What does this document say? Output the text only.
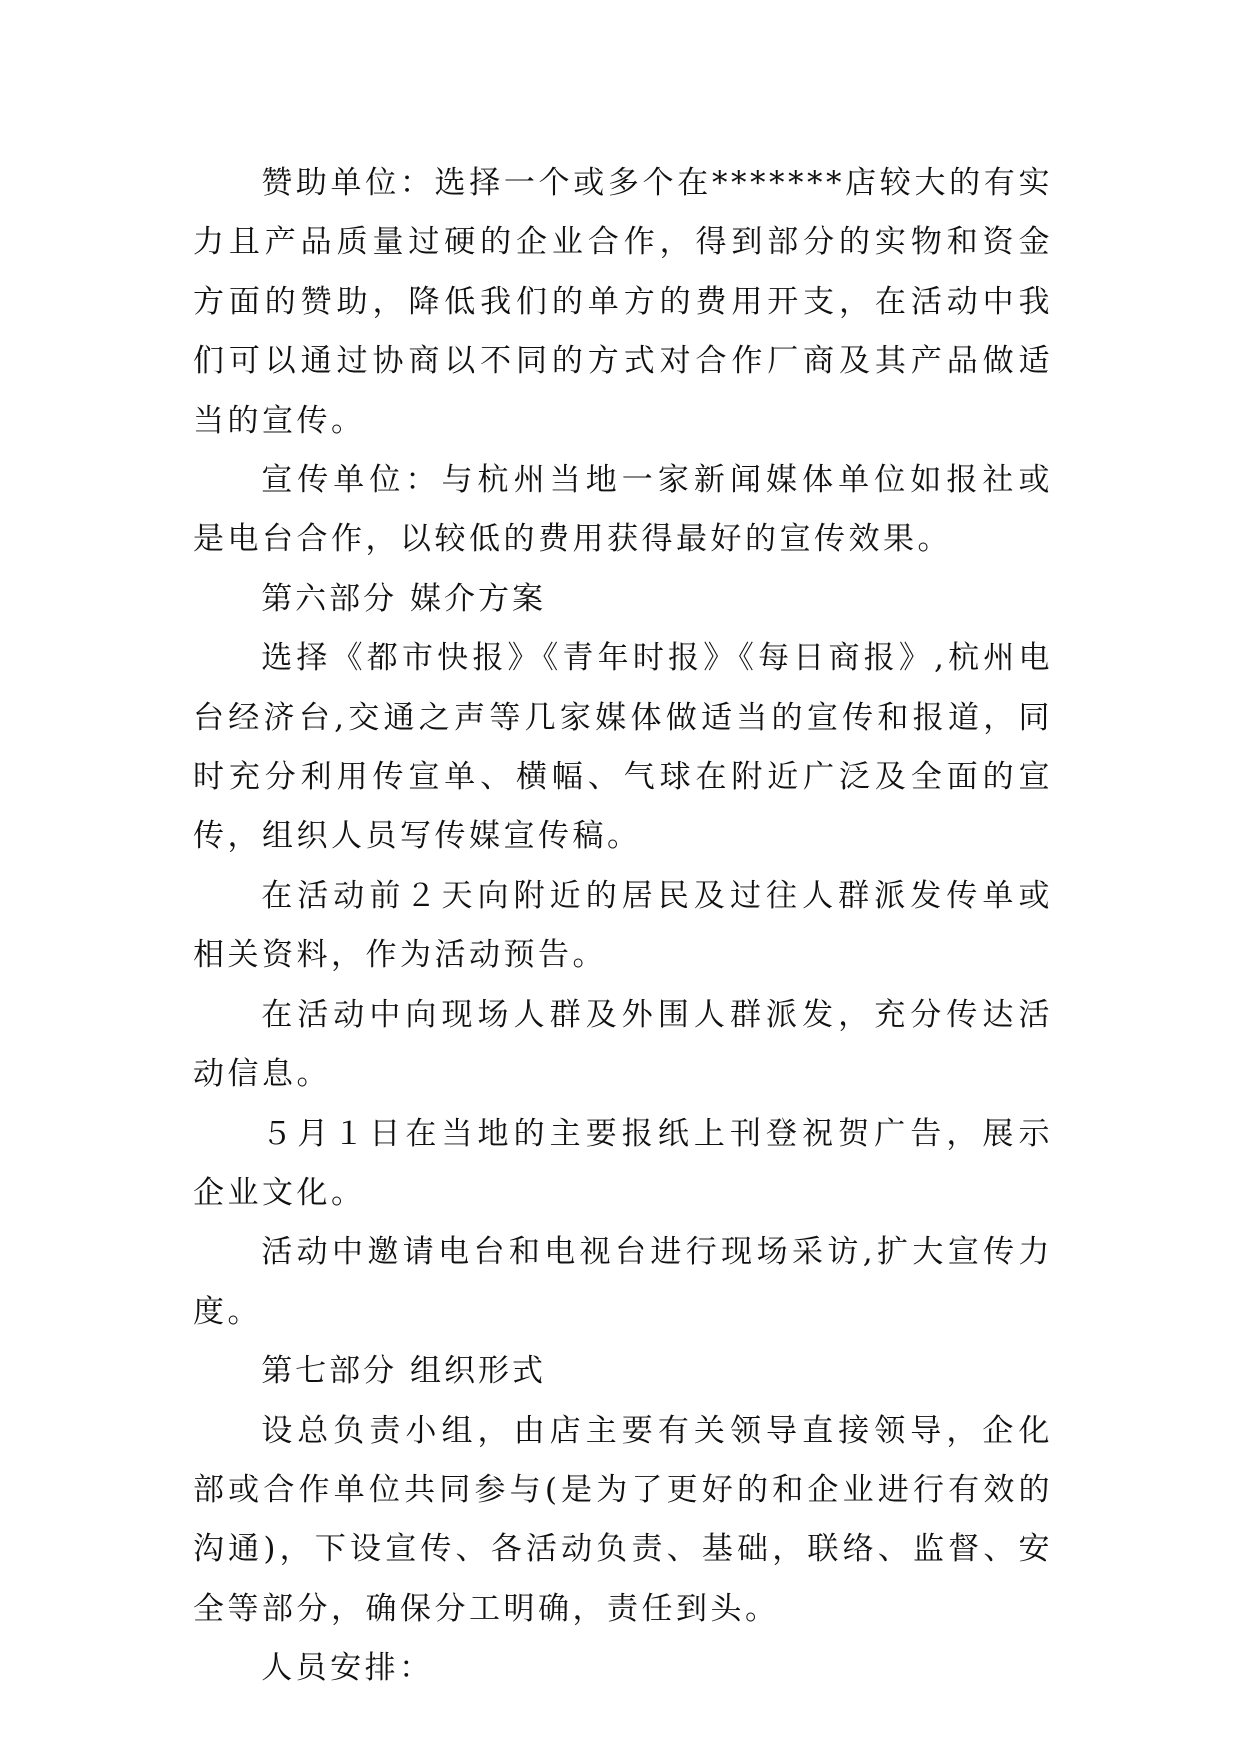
赞助单位：选择一个或多个在*******店较大的有实力且产品质量过硬的企业合作，得到部分的实物和资金方面的赞助，降低我们的单方的费用开支，在活动中我们可以通过协商以不同的方式对合作厂商及其产品做适当的宣传。

宣传单位：与杭州当地一家新闻媒体单位如报社或是电台合作，以较低的费用获得最好的宣传效果。

第六部分 媒介方案

选择《都市快报》《青年时报》《每日商报》,杭州电台经济台,交通之声等几家媒体做适当的宣传和报道，同时充分利用传宣单、横幅、气球在附近广泛及全面的宣传，组织人员写传媒宣传稿。

在活动前２天向附近的居民及过往人群派发传单或相关资料，作为活动预告。

在活动中向现场人群及外围人群派发，充分传达活动信息。

５月１日在当地的主要报纸上刊登祝贺广告，展示企业文化。

活动中邀请电台和电视台进行现场采访,扩大宣传力度。

第七部分 组织形式

设总负责小组，由店主要有关领导直接领导，企化部或合作单位共同参与(是为了更好的和企业进行有效的沟通)，下设宣传、各活动负责、基础，联络、监督、安全等部分，确保分工明确，责任到头。

人员安排：
